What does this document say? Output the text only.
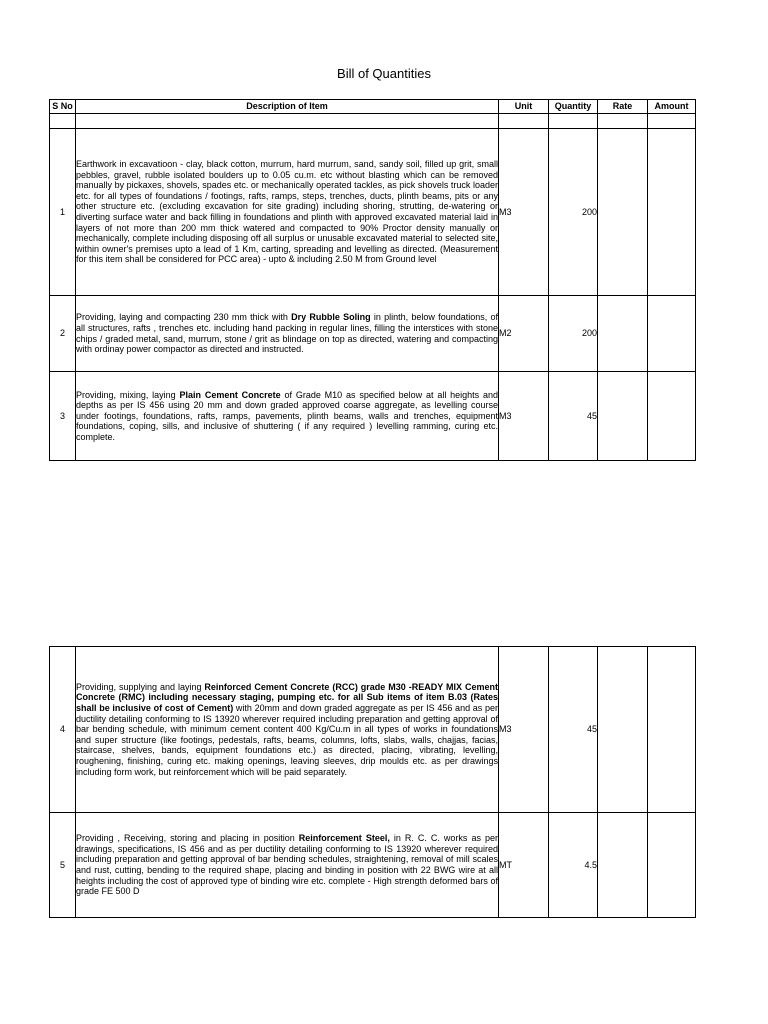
Bill of Quantities
S No	Description of Item	Unit	Quantity	Rate	Amount

1	Earthwork in excavatioon - clay, black cotton, murrum, hard murrum, sand, sandy soil, filled up grit, small pebbles, gravel, rubble isolated boulders up to 0.05 cu.m. etc without blasting which can be removed manually by pickaxes, shovels, spades etc. or mechanically operated tackles, as pick shovels truck loader etc. for all types of foundations / footings, rafts, ramps, steps, trenches, ducts, plinth beams, pits or any other structure etc. (excluding excavation for site grading) including shoring, strutting, de-watering or diverting surface water and back filling in foundations and plinth with approved excavated material laid in layers of not more than 200 mm thick watered and compacted to 90% Proctor density manually or mechanically, complete including disposing off all surplus or unusable excavated material to selected site, within owner's premises upto a lead of 1 Km, carting, spreading and levelling as directed. (Measurement for this item shall be considered for PCC area) - upto & including 2.50 M from Ground level	M3	200		
2	Providing, laying and compacting 230 mm thick with Dry Rubble Soling in plinth, below foundations, of all structures, rafts , trenches etc. including hand packing in regular lines, filling the interstices with stone chips / graded metal, sand, murrum, stone / grit as blindage on top as directed, watering and compacting with ordinay power compactor as directed and instructed.	M2	200		
3	Providing, mixing, laying Plain Cement Concrete of Grade M10 as specified below at all heights and depths as per IS 456 using 20 mm and down graded approved coarse aggregate, as levelling course under footings, foundations, rafts, ramps, pavements, plinth beams, walls and trenches, equipment foundations, coping, sills, and inclusive of shuttering ( if any required ) levelling ramming, curing etc. complete.	M3	45		
4	Providing, supplying and laying Reinforced Cement Concrete (RCC) grade M30 -READY MIX Cement Concrete (RMC) including necessary staging, pumping etc. for all Sub items of item B.03 (Rates shall be inclusive of cost of Cement) with 20mm and down graded aggregate as per IS 456 and as per ductility detailing conforming to IS 13920 wherever required including preparation and getting approval of bar bending schedule, with minimum cement content 400 Kg/Cu.m in all types of works in foundations and super structure (like footings, pedestals, rafts, beams, columns, lofts, slabs, walls, chajjas, facias, staircase, shelves, bands, equipment foundations etc.) as directed, placing, vibrating, levelling, roughening, finishing, curing etc. making openings, leaving sleeves, drip moulds etc. as per drawings including form work, but reinforcement which will be paid separately.	M3	45		
5	Providing , Receiving, storing and placing in position Reinforcement Steel, in R. C. C. works as per drawings, specifications, IS 456 and as per ductility detailing conforming to IS 13920 wherever required including preparation and getting approval of bar bending schedules, straightening, removal of mill scales and rust, cutting, bending to the required shape, placing and binding in position with 22 BWG wire at all heights including the cost of approved type of binding wire etc. complete - High strength deformed bars of grade FE 500 D	MT	4.5		
